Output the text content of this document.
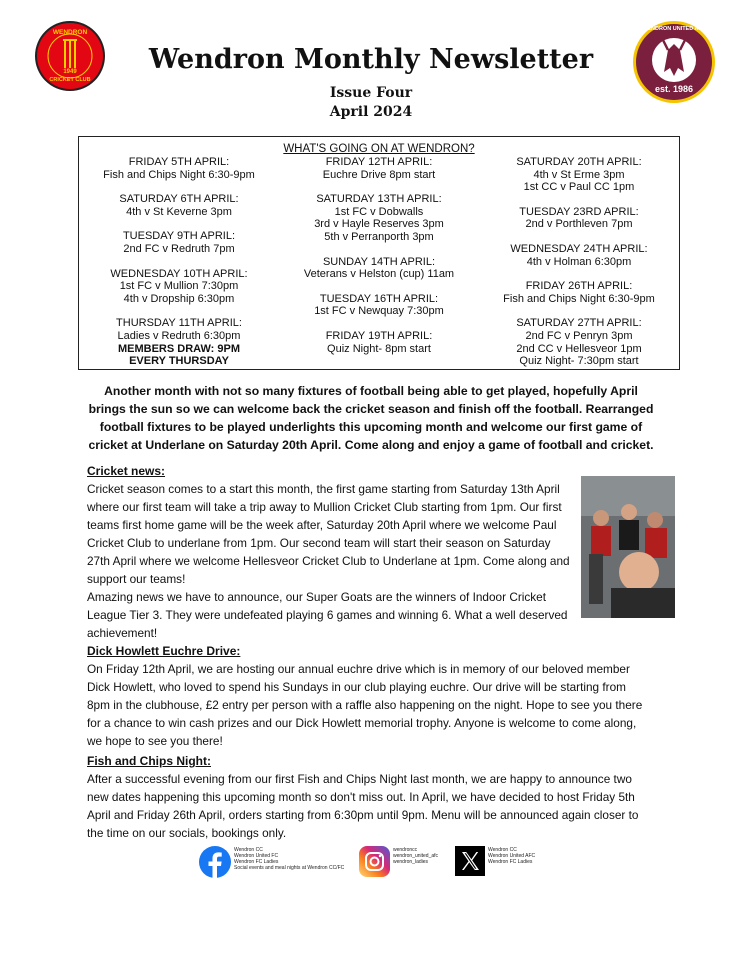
WENDRON
1949
CRICKET CLUB
WENDRON UNITED AFC
est. 1986
Wendron Monthly Newsletter
Issue Four
April 2024
WHAT'S GOING ON AT WENDRON?
FRIDAY 5TH APRIL:
Fish and Chips Night 6:30-9pm
SATURDAY 6TH APRIL:
4th v St Keverne 3pm
TUESDAY 9TH APRIL:
2nd FC v Redruth 7pm
WEDNESDAY 10TH APRIL:
1st FC v Mullion 7:30pm
4th v Dropship 6:30pm
THURSDAY 11TH APRIL:
Ladies v Redruth 6:30pm
MEMBERS DRAW: 9PM
EVERY THURSDAY
FRIDAY 12TH APRIL:
Euchre Drive 8pm start
SATURDAY 13TH APRIL:
1st FC v Dobwalls
3rd v Hayle Reserves 3pm
5th v Perranporth 3pm
SUNDAY 14TH APRIL:
Veterans v Helston (cup) 11am
TUESDAY 16TH APRIL:
1st FC v Newquay 7:30pm
FRIDAY 19TH APRIL:
Quiz Night- 8pm start
SATURDAY 20TH APRIL:
4th v St Erme 3pm
1st CC v Paul CC 1pm
TUESDAY 23RD APRIL:
2nd v Porthleven 7pm
WEDNESDAY 24TH APRIL:
4th v Holman 6:30pm
FRIDAY 26TH APRIL:
Fish and Chips Night 6:30-9pm
SATURDAY 27TH APRIL:
2nd FC v Penryn 3pm
2nd CC v Hellesveor 1pm
Quiz Night- 7:30pm start
Another month with not so many fixtures of football being able to get played, hopefully April brings the sun so we can welcome back the cricket season and finish off the football. Rearranged football fixtures to be played underlights this upcoming month and welcome our first game of cricket at Underlane on Saturday 20th April. Come along and enjoy a game of football and cricket.
Cricket news:

Cricket season comes to a start this month, the first game starting from Saturday 13th April where our first team will take a trip away to Mullion Cricket Club starting from 1pm. Our first teams first home game will be the week after, Saturday 20th April where we welcome Paul Cricket Club to underlane from 1pm. Our second team will start their season on Saturday 27th April where we welcome Hellesveor Cricket Club to Underlane at 1pm. Come along and support our teams!

Amazing news we have to announce, our Super Goats are the winners of Indoor Cricket League Tier 3. They were undefeated playing 6 games and winning 6. What a well deserved achievement!

Dick Howlett Euchre Drive:

On Friday 12th April, we are hosting our annual euchre drive which is in memory of our beloved member Dick Howlett, who loved to spend his Sundays in our club playing euchre. Our drive will be starting from 8pm in the clubhouse, £2 entry per person with a raffle also happening on the night. Hope to see you there for a chance to win cash prizes and our Dick Howlett memorial trophy. Anyone is welcome to come along, we hope to see you there!

Fish and Chips Night:

After a successful evening from our first Fish and Chips Night last month, we are happy to announce two new dates happening this upcoming month so don't miss out. In April, we have decided to host Friday 5th April and Friday 26th April, orders starting from 6:30pm until 9pm. Menu will be announced again closer to the time on our socials, bookings only.

Wendron CC
Wendron United FC
Wendron FC Ladies
Social events and meal nights at Wendron CC/FC
wendroncc
wendron_united_afc
wendron_ladies
Wendron CC
Wendron United AFC
Wendron FC Ladies
